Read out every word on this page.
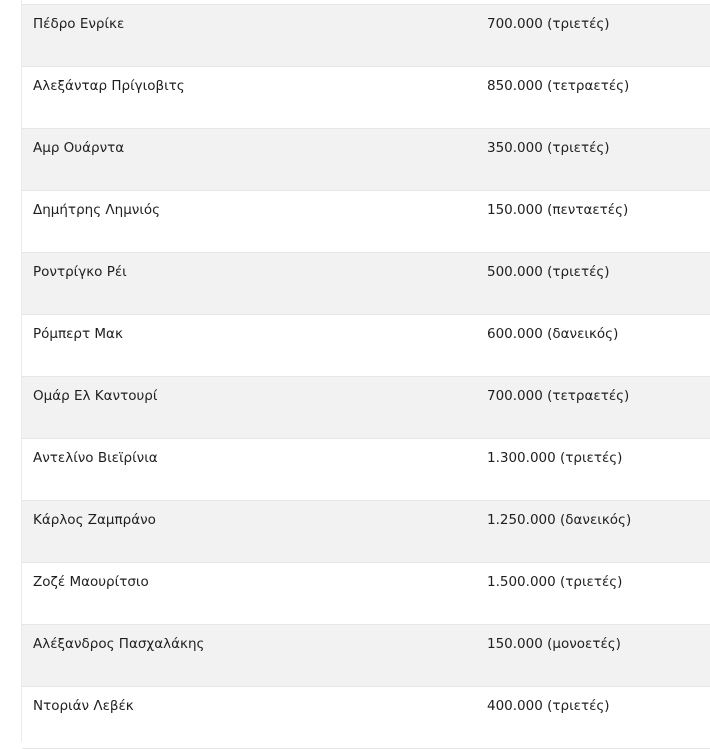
Πέδρο Ενρίκε	700.000 (τριετές)
Αλεξάνταρ Πρίγιοβιτς	850.000 (τετραετές)
Αμρ Ουάρντα	350.000 (τριετές)
Δημήτρης Λημνιός	150.000 (πενταετές)
Ροντρίγκο Ρέι	500.000 (τριετές)
Ρόμπερτ Μακ	600.000 (δανεικός)
Ομάρ Ελ Καντουρί	700.000 (τετραετές)
Αντελίνο Βιεϊρίνια	1.300.000 (τριετές)
Κάρλος Ζαμπράνο	1.250.000 (δανεικός)
Ζοζέ Μαουρίτσιο	1.500.000 (τριετές)
Αλέξανδρος Πασχαλάκης	150.000 (μονοετές)
Ντοριάν Λεβέκ	400.000 (τριετές)
